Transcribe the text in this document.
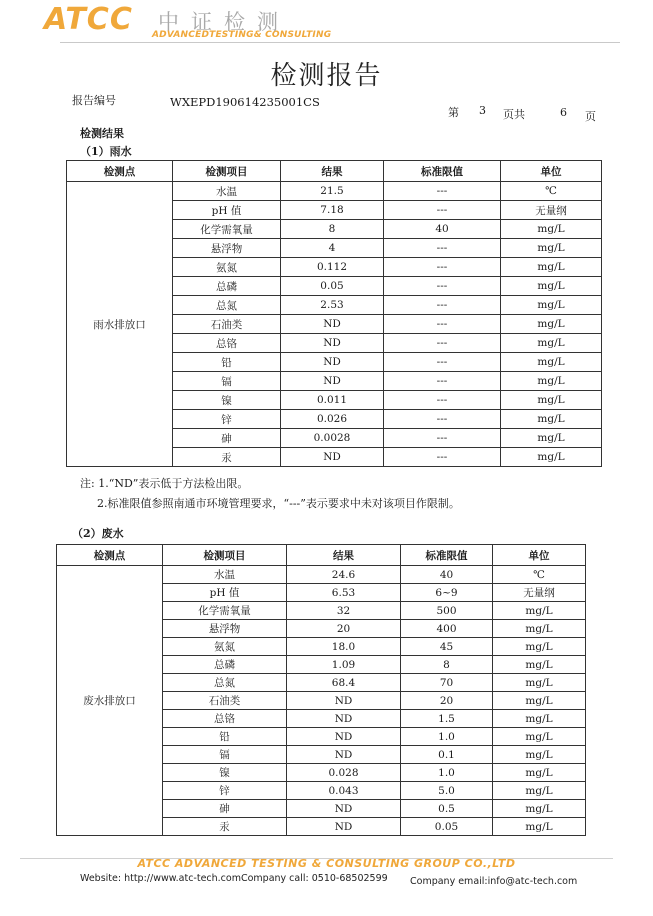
ATCC 中证检测
ADVANCEDTESTING& CONSULTING
检测报告
报告编号	WXEPD190614235001CS
第 3 页共	6 页
检测结果
（1）雨水
检测点	检测项目	结果	标准限值	单位
雨水排放口	水温	21.5	---	℃
	pH 值	7.18	---	无量纲
	化学需氧量	8	40	mg/L
	悬浮物	4	---	mg/L
	氨氮	0.112	---	mg/L
	总磷	0.05	---	mg/L
	总氮	2.53	---	mg/L
	石油类	ND	---	mg/L
	总铬	ND	---	mg/L
	铅	ND	---	mg/L
	镉	ND	---	mg/L
	镍	0.011	---	mg/L
	锌	0.026	---	mg/L
	砷	0.0028	---	mg/L
	汞	ND	---	mg/L
注: 1.“ND”表示低于方法检出限。
2.标准限值参照南通市环境管理要求，“---”表示要求中未对该项目作限制。
（2）废水
检测点	检测项目	结果	标准限值	单位
废水排放口	水温	24.6	40	℃
	pH 值	6.53	6~9	无量纲
	化学需氧量	32	500	mg/L
	悬浮物	20	400	mg/L
	氨氮	18.0	45	mg/L
	总磷	1.09	8	mg/L
	总氮	68.4	70	mg/L
	石油类	ND	20	mg/L
	总铬	ND	1.5	mg/L
	铅	ND	1.0	mg/L
	镉	ND	0.1	mg/L
	镍	0.028	1.0	mg/L
	锌	0.043	5.0	mg/L
	砷	ND	0.5	mg/L
	汞	ND	0.05	mg/L
ATCC ADVANCED TESTING & CONSULTING GROUP CO.,LTD
Website: http://www.atc-tech.comCompany call: 0510-68502599 Company email:info@atc-tech.com
